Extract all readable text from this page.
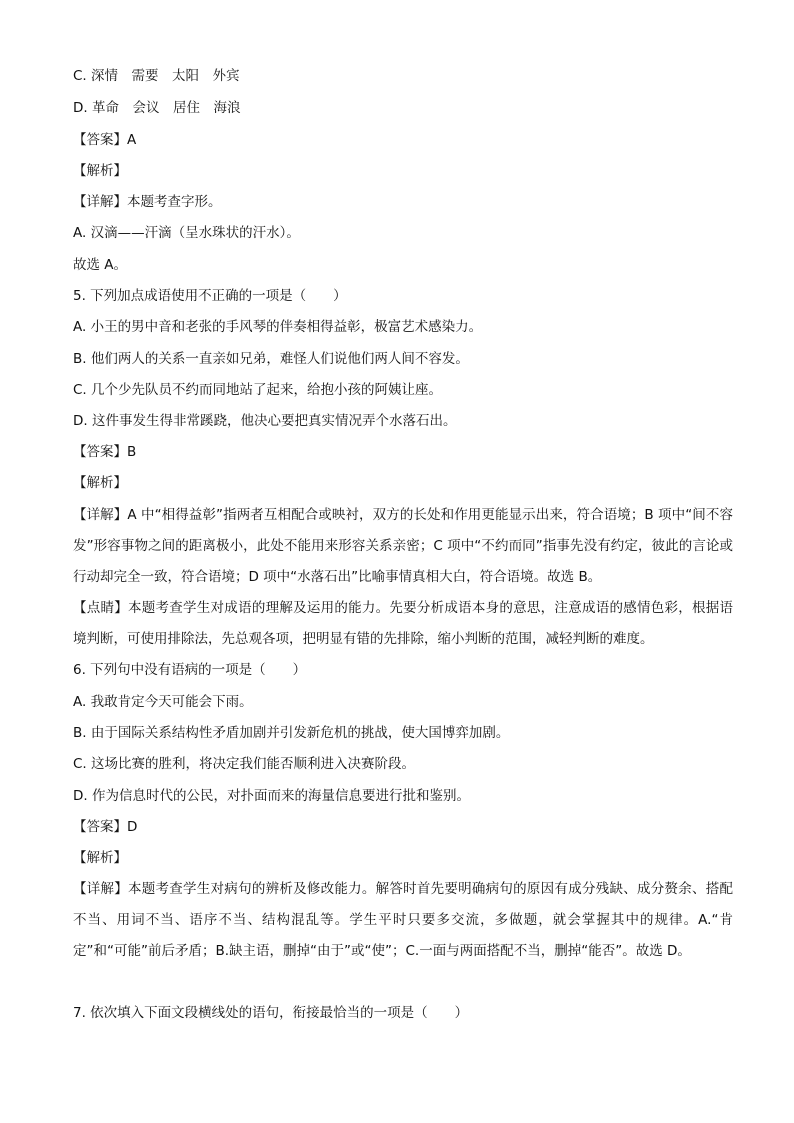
C. 深情　需要　太阳　外宾
D. 革命　会议　居住　海浪
【答案】A
【解析】
【详解】本题考查字形。
A. 汉滴——汗滴（呈水珠状的汗水）。
故选 A。
5. 下列加点成语使用不正确的一项是（　　）
A. 小王的男中音和老张的手风琴的伴奏相得益彰，极富艺术感染力。
B. 他们两人的关系一直亲如兄弟，难怪人们说他们两人间不容发。
C. 几个少先队员不约而同地站了起来，给抱小孩的阿姨让座。
D. 这件事发生得非常蹊跷，他决心要把真实情况弄个水落石出。
【答案】B
【解析】
【详解】A 中“相得益彰”指两者互相配合或映衬，双方的长处和作用更能显示出来，符合语境；B 项中“间不容发”形容事物之间的距离极小，此处不能用来形容关系亲密；C 项中“不约而同”指事先没有约定，彼此的言论或行动却完全一致，符合语境；D 项中“水落石出”比喻事情真相大白，符合语境。故选 B。
【点睛】本题考查学生对成语的理解及运用的能力。先要分析成语本身的意思，注意成语的感情色彩，根据语境判断，可使用排除法，先总观各项，把明显有错的先排除，缩小判断的范围，减轻判断的难度。
6. 下列句中没有语病的一项是（　　）
A. 我敢肯定今天可能会下雨。
B. 由于国际关系结构性矛盾加剧并引发新危机的挑战，使大国博弈加剧。
C. 这场比赛的胜利，将决定我们能否顺利进入决赛阶段。
D. 作为信息时代的公民，对扑面而来的海量信息要进行批和鉴别。
【答案】D
【解析】
【详解】本题考查学生对病句的辨析及修改能力。解答时首先要明确病句的原因有成分残缺、成分赘余、搭配不当、用词不当、语序不当、结构混乱等。学生平时只要多交流，多做题，就会掌握其中的规律。A.“肯定”和“可能”前后矛盾；B.缺主语，删掉“由于”或“使”；C.一面与两面搭配不当，删掉“能否”。故选 D。
7. 依次填入下面文段横线处的语句，衔接最恰当的一项是（　　）
